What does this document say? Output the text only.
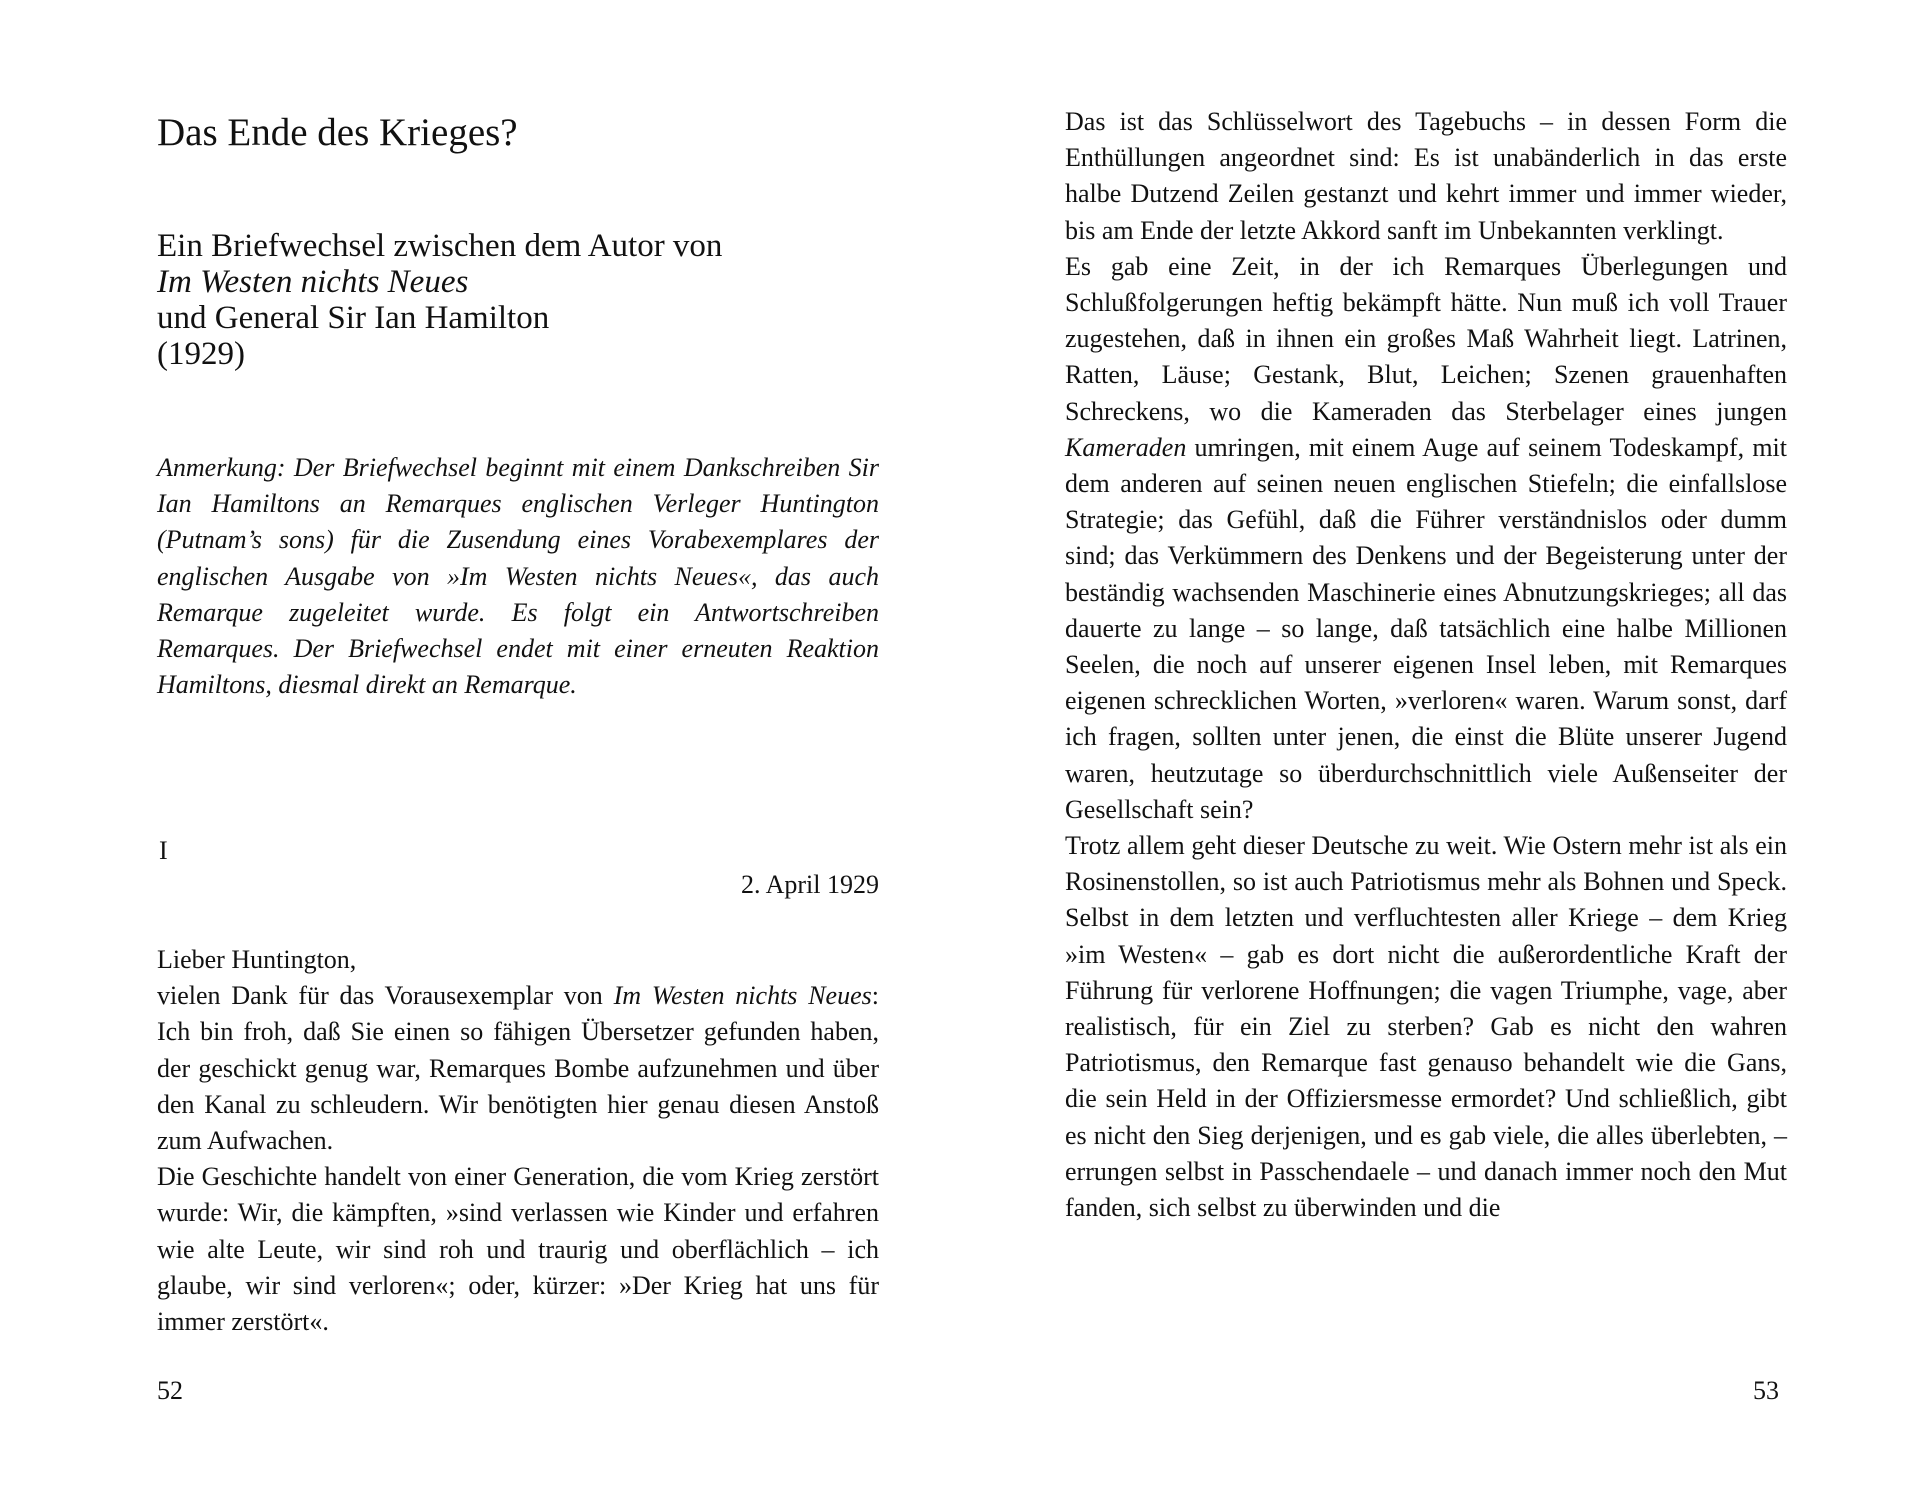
Das Ende des Krieges?
Ein Briefwechsel zwischen dem Autor von
Im Westen nichts Neues
und General Sir Ian Hamilton
(1929)

Anmerkung: Der Briefwechsel beginnt mit einem Dankschreiben Sir Ian Hamiltons an Remarques englischen Verleger Huntington (Putnam’s sons) für die Zusendung eines Vorabexemplares der englischen Ausgabe von »Im Westen nichts Neues«, das auch Remarque zugeleitet wurde. Es folgt ein Antwortschreiben Remarques. Der Briefwechsel endet mit einer erneuten Reaktion Hamiltons, diesmal direkt an Remarque.

I
2. April 1929

Lieber Huntington,

vielen Dank für das Vorausexemplar von Im Westen nichts Neues: Ich bin froh, daß Sie einen so fähigen Übersetzer gefunden haben, der geschickt genug war, Remarques Bombe aufzunehmen und über den Kanal zu schleudern. Wir benötigten hier genau diesen Anstoß zum Aufwachen.

Die Geschichte handelt von einer Generation, die vom Krieg zerstört wurde: Wir, die kämpften, »sind verlassen wie Kinder und erfahren wie alte Leute, wir sind roh und traurig und oberflächlich – ich glaube, wir sind verloren«; oder, kürzer: »Der Krieg hat uns für immer zerstört«.

52

Das ist das Schlüsselwort des Tagebuchs – in dessen Form die Enthüllungen angeordnet sind: Es ist unabänderlich in das erste halbe Dutzend Zeilen gestanzt und kehrt immer und immer wieder, bis am Ende der letzte Akkord sanft im Unbekannten verklingt.

Es gab eine Zeit, in der ich Remarques Überlegungen und Schlußfolgerungen heftig bekämpft hätte. Nun muß ich voll Trauer zugestehen, daß in ihnen ein großes Maß Wahrheit liegt. Latrinen, Ratten, Läuse; Gestank, Blut, Leichen; Szenen grauenhaften Schreckens, wo die Kameraden das Sterbelager eines jungen Kameraden umringen, mit einem Auge auf seinem Todeskampf, mit dem anderen auf seinen neuen englischen Stiefeln; die einfallslose Strategie; das Gefühl, daß die Führer verständnislos oder dumm sind; das Verkümmern des Denkens und der Begeisterung unter der beständig wachsenden Maschinerie eines Abnutzungskrieges; all das dauerte zu lange – so lange, daß tatsächlich eine halbe Millionen Seelen, die noch auf unserer eigenen Insel leben, mit Remarques eigenen schrecklichen Worten, »verloren« waren. Warum sonst, darf ich fragen, sollten unter jenen, die einst die Blüte unserer Jugend waren, heutzutage so überdurchschnittlich viele Außenseiter der Gesellschaft sein?

Trotz allem geht dieser Deutsche zu weit. Wie Ostern mehr ist als ein Rosinenstollen, so ist auch Patriotismus mehr als Bohnen und Speck. Selbst in dem letzten und verfluchtesten aller Kriege – dem Krieg »im Westen« – gab es dort nicht die außerordentliche Kraft der Führung für verlorene Hoffnungen; die vagen Triumphe, vage, aber realistisch, für ein Ziel zu sterben? Gab es nicht den wahren Patriotismus, den Remarque fast genauso behandelt wie die Gans, die sein Held in der Offiziersmesse ermordet? Und schließlich, gibt es nicht den Sieg derjenigen, und es gab viele, die alles überlebten, – errungen selbst in Passchendaele – und danach immer noch den Mut fanden, sich selbst zu überwinden und die

53
